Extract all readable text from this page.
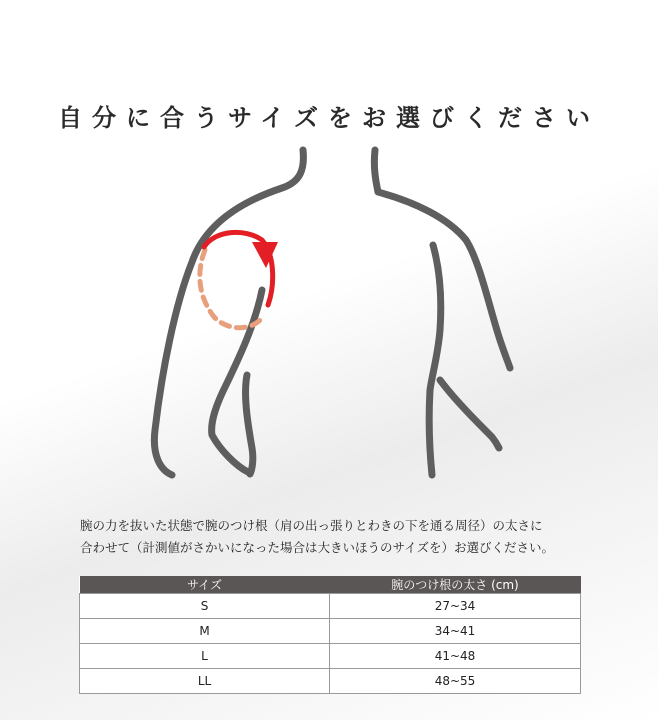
自分に合うサイズをお選びください

腕の力を抜いた状態で腕のつけ根（肩の出っ張りとわきの下を通る周径）の太さに

合わせて（計測値がさかいになった場合は大きいほうのサイズを）お選びください。

サイズ	腕のつけ根の太さ (cm)
S	27~34
M	34~41
L	41~48
LL	48~55
